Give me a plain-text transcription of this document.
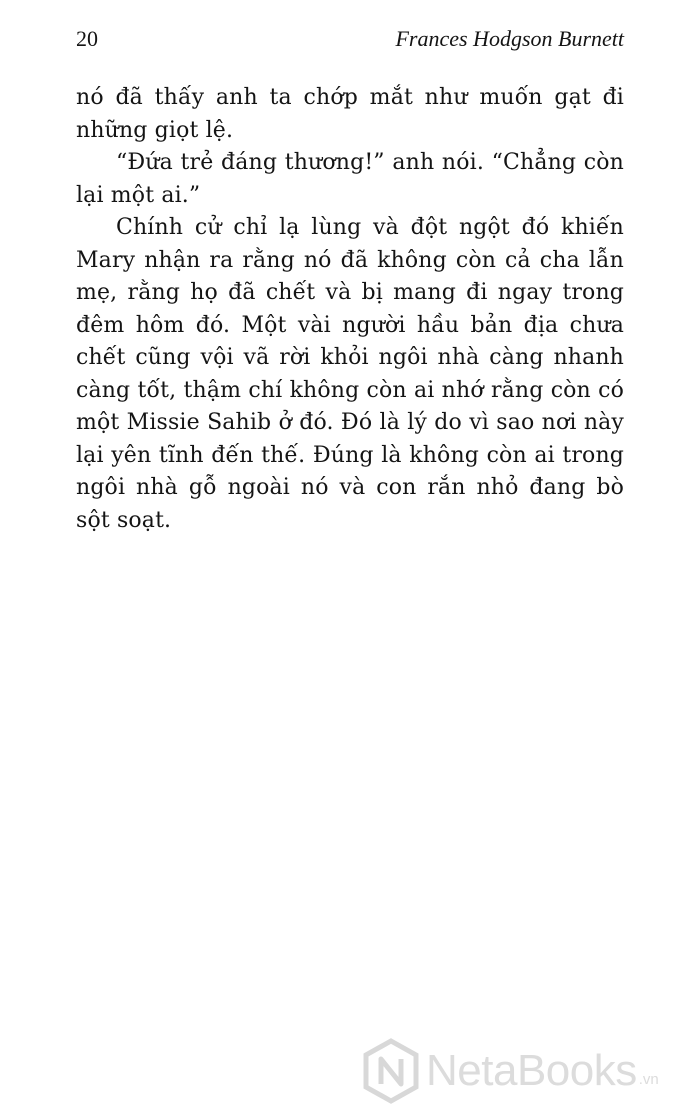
20	Frances Hodgson Burnett

nó đã thấy anh ta chớp mắt như muốn gạt đi những giọt lệ.

“Đứa trẻ đáng thương!” anh nói. “Chẳng còn lại một ai.”

Chính cử chỉ lạ lùng và đột ngột đó khiến Mary nhận ra rằng nó đã không còn cả cha lẫn mẹ, rằng họ đã chết và bị mang đi ngay trong đêm hôm đó. Một vài người hầu bản địa chưa chết cũng vội vã rời khỏi ngôi nhà càng nhanh càng tốt, thậm chí không còn ai nhớ rằng còn có một Missie Sahib ở đó. Đó là lý do vì sao nơi này lại yên tĩnh đến thế. Đúng là không còn ai trong ngôi nhà gỗ ngoài nó và con rắn nhỏ đang bò sột soạt.

NetaBooks .vn
